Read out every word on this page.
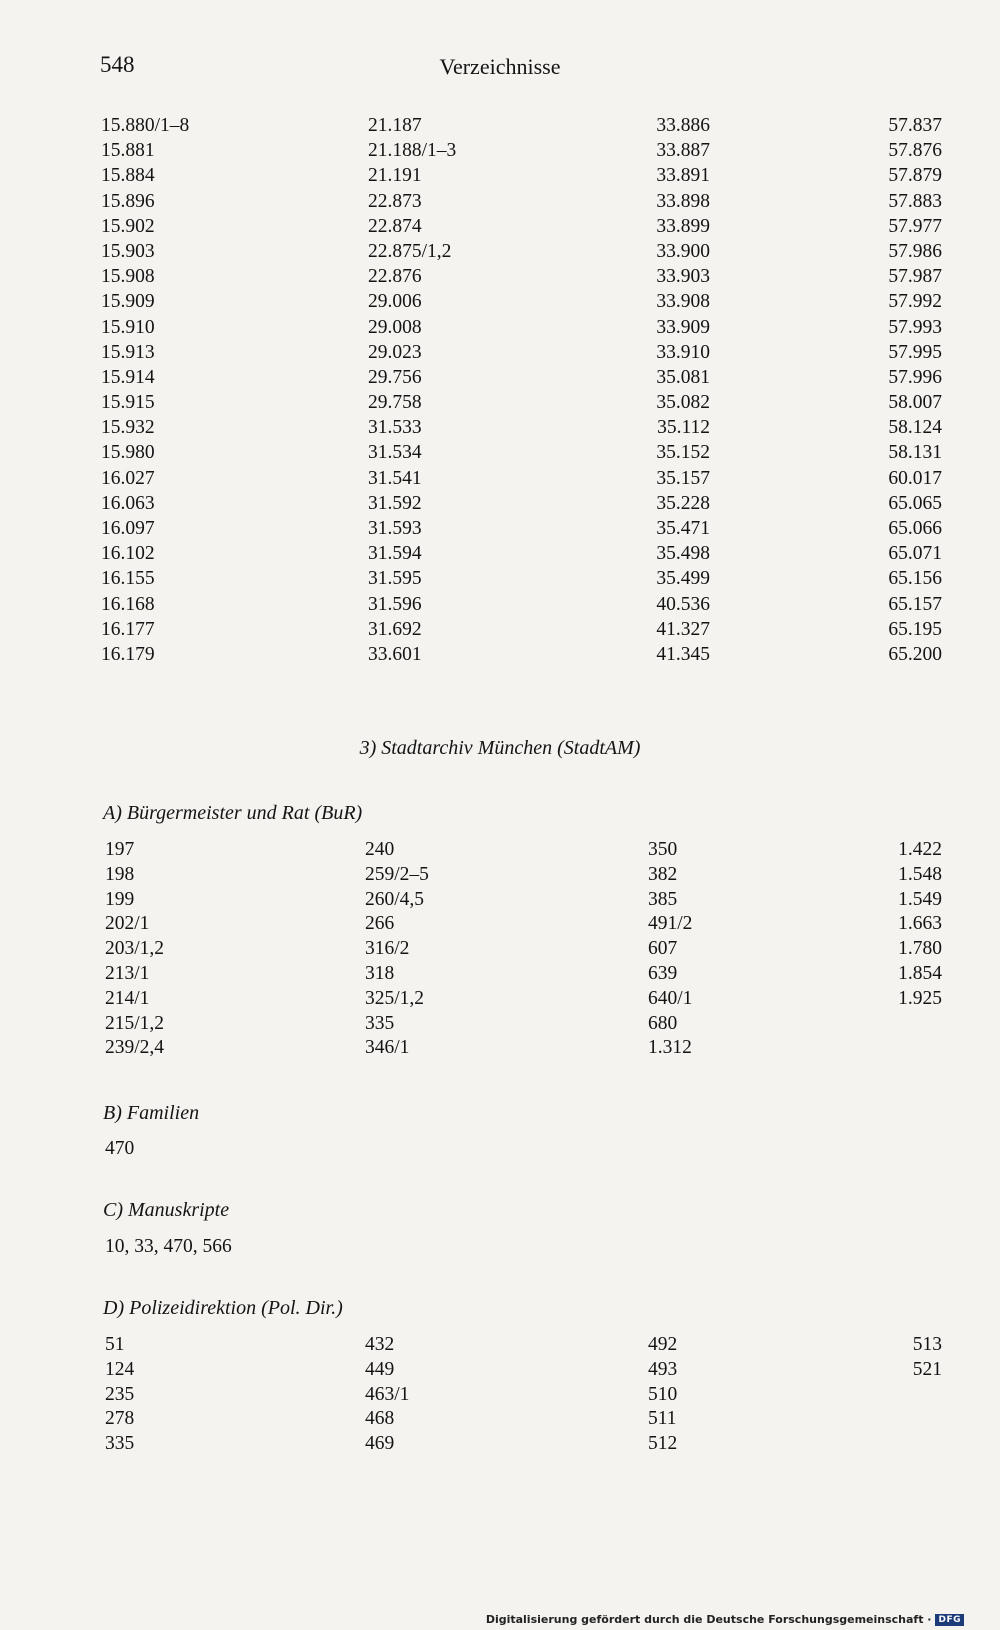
548	Verzeichnisse
15.880/1–8	21.187	33.886	57.837
15.881	21.188/1–3	33.887	57.876
15.884	21.191	33.891	57.879
15.896	22.873	33.898	57.883
15.902	22.874	33.899	57.977
15.903	22.875/1,2	33.900	57.986
15.908	22.876	33.903	57.987
15.909	29.006	33.908	57.992
15.910	29.008	33.909	57.993
15.913	29.023	33.910	57.995
15.914	29.756	35.081	57.996
15.915	29.758	35.082	58.007
15.932	31.533	35.112	58.124
15.980	31.534	35.152	58.131
16.027	31.541	35.157	60.017
16.063	31.592	35.228	65.065
16.097	31.593	35.471	65.066
16.102	31.594	35.498	65.071
16.155	31.595	35.499	65.156
16.168	31.596	40.536	65.157
16.177	31.692	41.327	65.195
16.179	33.601	41.345	65.200
3) Stadtarchiv München (StadtAM)
A) Bürgermeister und Rat (BuR)
197	240	350	1.422
198	259/2–5	382	1.548
199	260/4,5	385	1.549
202/1	266	491/2	1.663
203/1,2	316/2	607	1.780
213/1	318	639	1.854
214/1	325/1,2	640/1	1.925
215/1,2	335	680
239/2,4	346/1	1.312
B) Familien
470
C) Manuskripte
10, 33, 470, 566
D) Polizeidirektion (Pol. Dir.)
51	432	492	513
124	449	493	521
235	463/1	510
278	468	511
335	469	512
Digitalisierung gefördert durch die Deutsche Forschungsgemeinschaft · DFG
